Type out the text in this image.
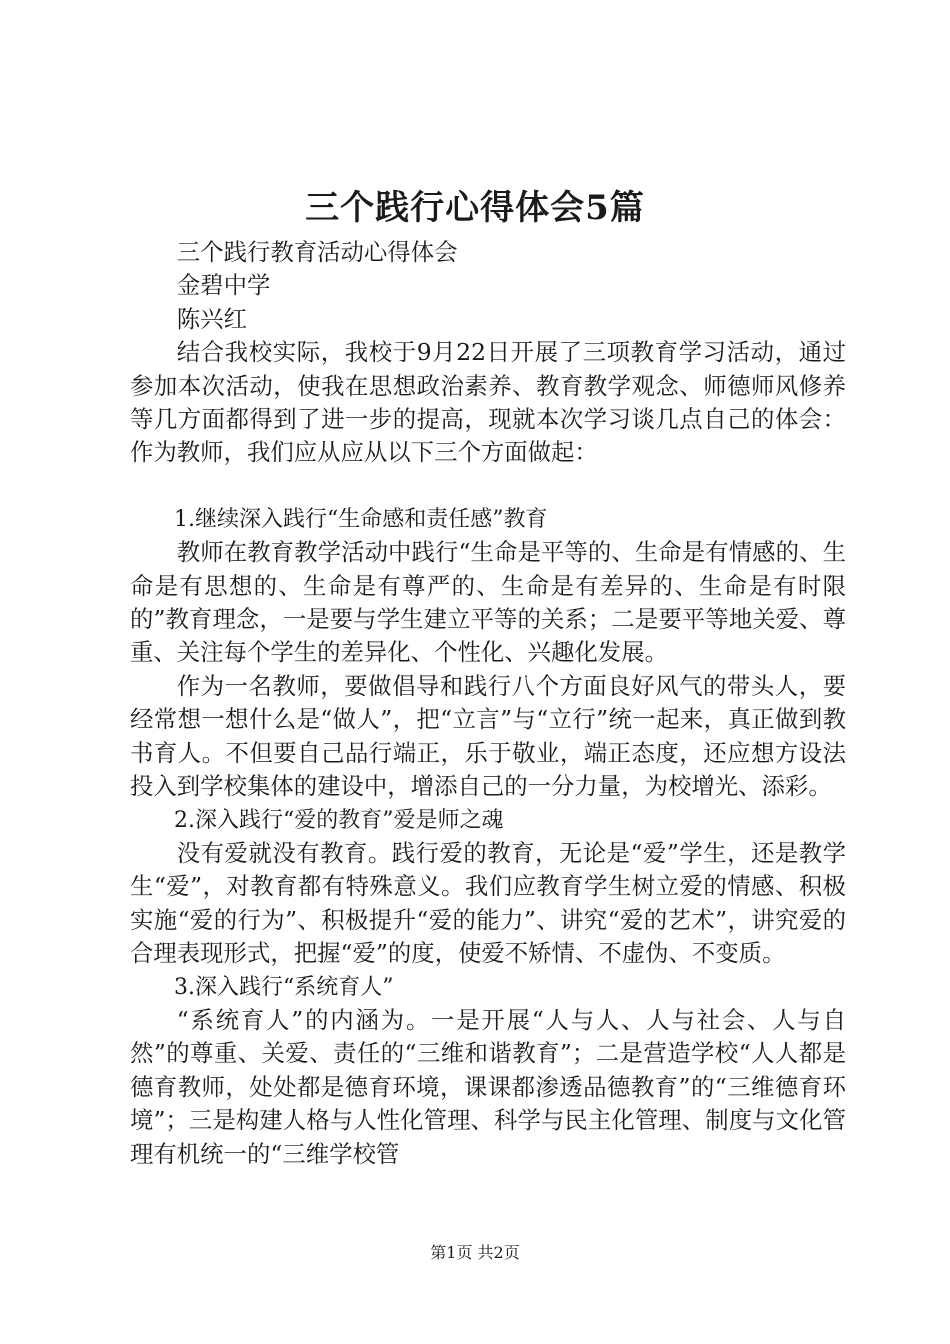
三个践行心得体会5篇

三个践行教育活动心得体会

金碧中学

陈兴红

结合我校实际，我校于9月22日开展了三项教育学习活动，通过参加本次活动，使我在思想政治素养、教育教学观念、师德师风修养等几方面都得到了进一步的提高，现就本次学习谈几点自己的体会：作为教师，我们应从应从以下三个方面做起：

1.继续深入践行“生命感和责任感”教育

教师在教育教学活动中践行“生命是平等的、生命是有情感的、生命是有思想的、生命是有尊严的、生命是有差异的、生命是有时限的”教育理念，一是要与学生建立平等的关系；二是要平等地关爱、尊重、关注每个学生的差异化、个性化、兴趣化发展。

作为一名教师，要做倡导和践行八个方面良好风气的带头人，要经常想一想什么是“做人”，把“立言”与“立行”统一起来，真正做到教书育人。不但要自己品行端正，乐于敬业，端正态度，还应想方设法投入到学校集体的建设中，增添自己的一分力量，为校增光、添彩。

2.深入践行“爱的教育”爱是师之魂

没有爱就没有教育。践行爱的教育，无论是“爱”学生，还是教学生“爱”，对教育都有特殊意义。我们应教育学生树立爱的情感、积极实施“爱的行为”、积极提升“爱的能力”、讲究“爱的艺术”，讲究爱的合理表现形式，把握“爱”的度，使爱不矫情、不虚伪、不变质。

3.深入践行“系统育人”

“系统育人”的内涵为。一是开展“人与人、人与社会、人与自然”的尊重、关爱、责任的“三维和谐教育”；二是营造学校“人人都是德育教师，处处都是德育环境，课课都渗透品德教育”的“三维德育环境”；三是构建人格与人性化管理、科学与民主化管理、制度与文化管理有机统一的“三维学校管

第1页 共2页
